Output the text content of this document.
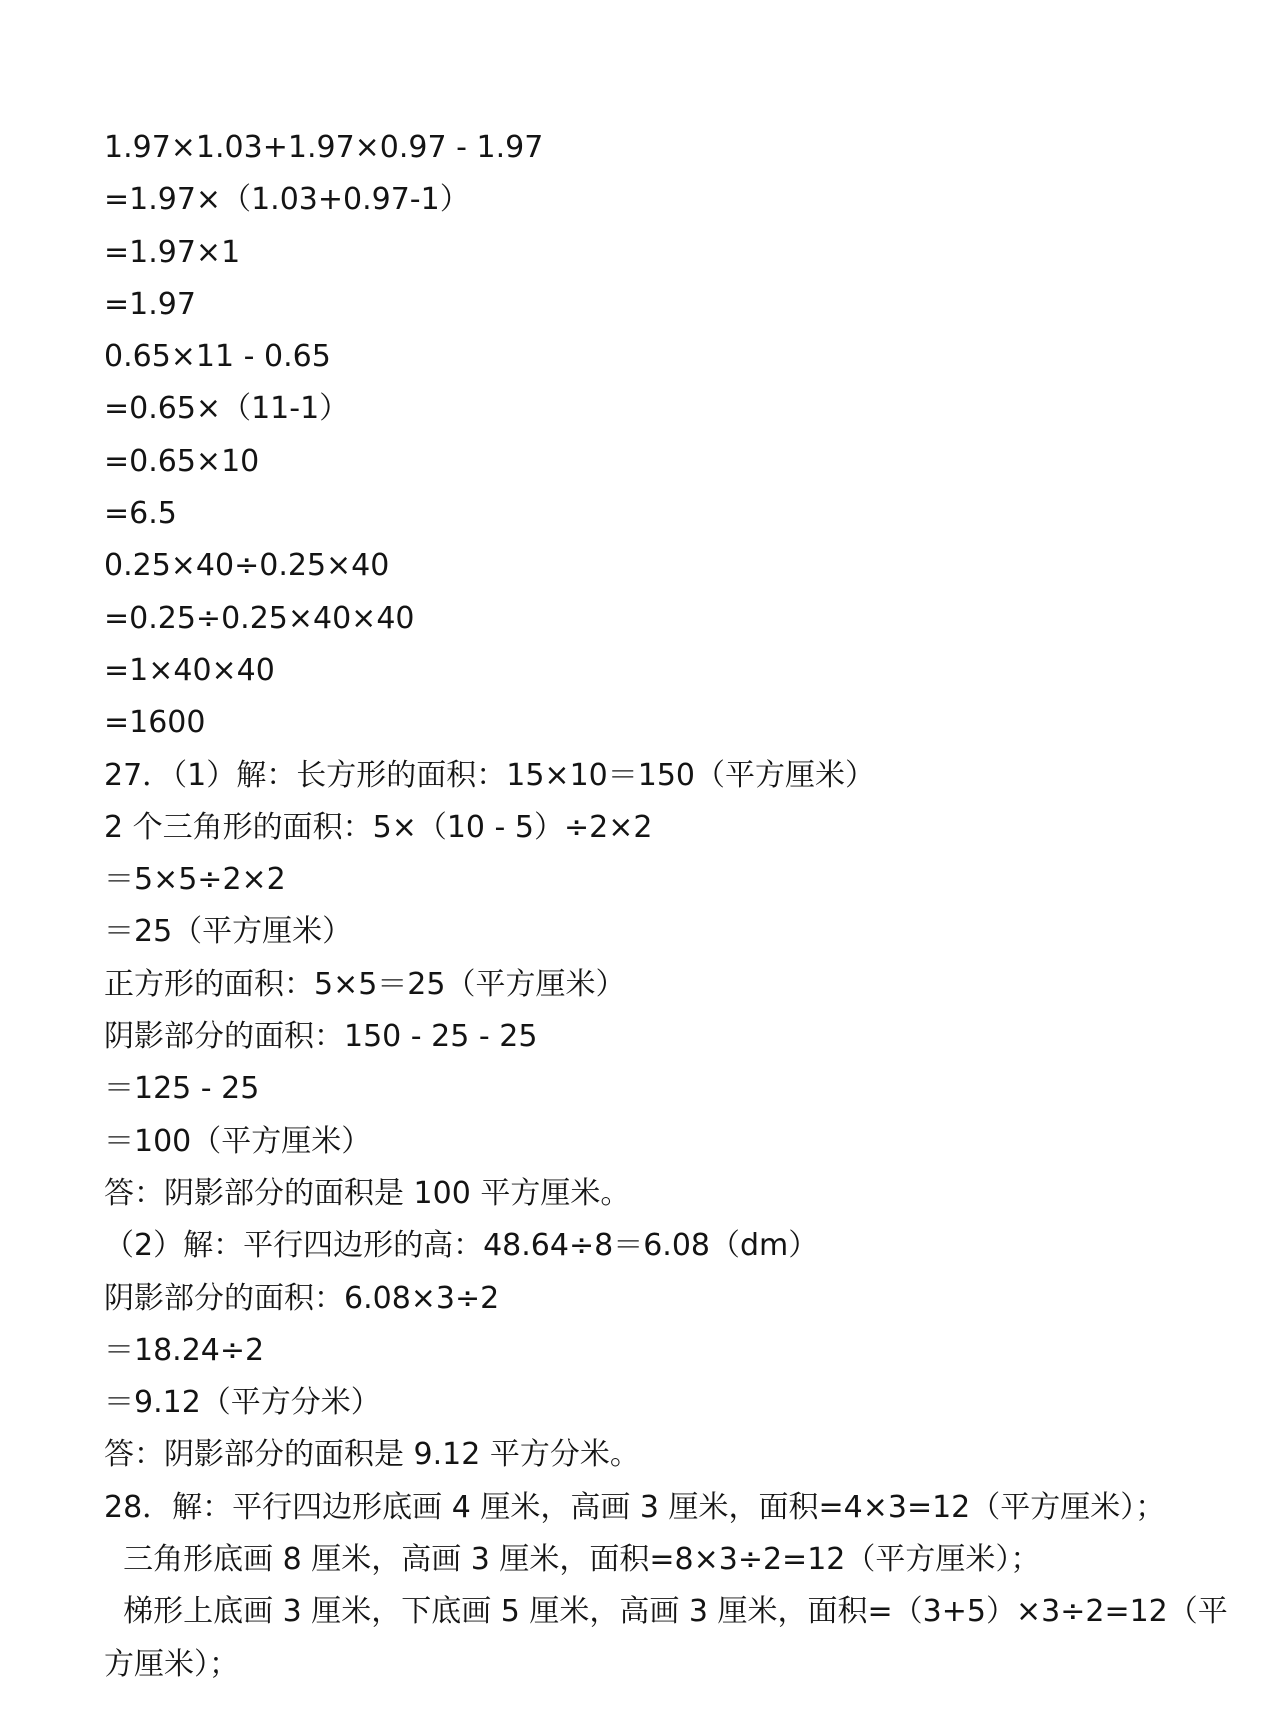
1.97×1.03+1.97×0.97 - 1.97
=1.97×（1.03+0.97-1）
=1.97×1
=1.97
0.65×11 - 0.65
=0.65×（11-1）
=0.65×10
=6.5
0.25×40÷0.25×40
=0.25÷0.25×40×40
=1×40×40
=1600
27．（1）解：长方形的面积：15×10＝150（平方厘米）
2 个三角形的面积：5×（10 - 5）÷2×2
＝5×5÷2×2
＝25（平方厘米）
正方形的面积：5×5＝25（平方厘米）
阴影部分的面积：150 - 25 - 25
＝125 - 25
＝100（平方厘米）
答：阴影部分的面积是 100 平方厘米。
（2）解：平行四边形的高：48.64÷8＝6.08（dm）
阴影部分的面积：6.08×3÷2
＝18.24÷2
＝9.12（平方分米）
答：阴影部分的面积是 9.12 平方分米。
28．解：平行四边形底画 4 厘米，高画 3 厘米，面积=4×3=12（平方厘米）；
三角形底画 8 厘米，高画 3 厘米，面积=8×3÷2=12（平方厘米）；
梯形上底画 3 厘米，下底画 5 厘米，高画 3 厘米，面积=（3+5）×3÷2=12（平
方厘米）；
